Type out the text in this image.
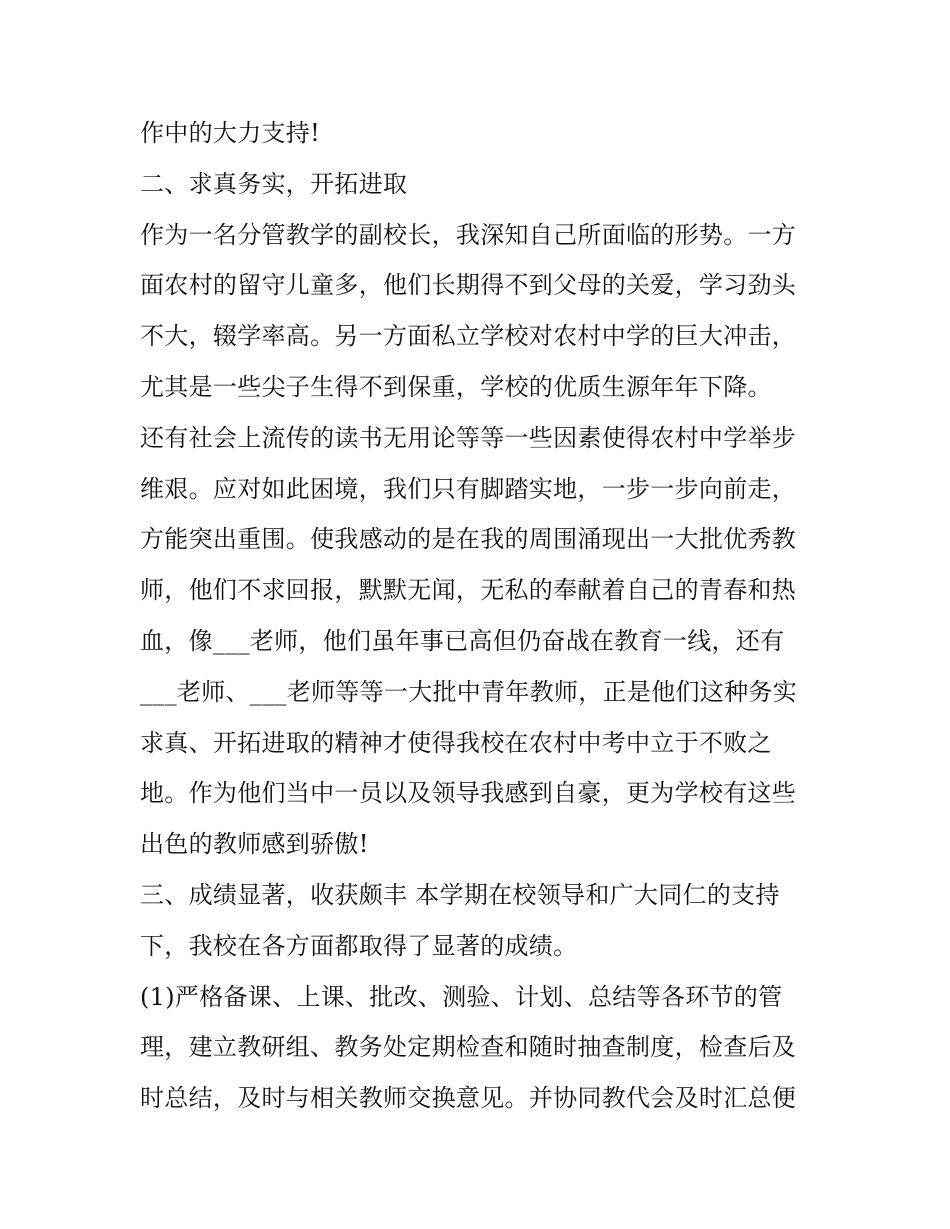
作中的大力支持!
二、求真务实，开拓进取
作为一名分管教学的副校长，我深知自己所面临的形势。一方
面农村的留守儿童多，他们长期得不到父母的关爱，学习劲头
不大，辍学率高。另一方面私立学校对农村中学的巨大冲击，
尤其是一些尖子生得不到保重，学校的优质生源年年下降。
还有社会上流传的读书无用论等等一些因素使得农村中学举步
维艰。应对如此困境，我们只有脚踏实地，一步一步向前走，
方能突出重围。使我感动的是在我的周围涌现出一大批优秀教
师，他们不求回报，默默无闻，无私的奉献着自己的青春和热
血，像___老师，他们虽年事已高但仍奋战在教育一线，还有
___老师、___老师等等一大批中青年教师，正是他们这种务实
求真、开拓进取的精神才使得我校在农村中考中立于不败之
地。作为他们当中一员以及领导我感到自豪，更为学校有这些
出色的教师感到骄傲!
三、成绩显著，收获颇丰 本学期在校领导和广大同仁的支持
下，我校在各方面都取得了显著的成绩。
(1)严格备课、上课、批改、测验、计划、总结等各环节的管
理，建立教研组、教务处定期检查和随时抽查制度，检查后及
时总结，及时与相关教师交换意见。并协同教代会及时汇总便
